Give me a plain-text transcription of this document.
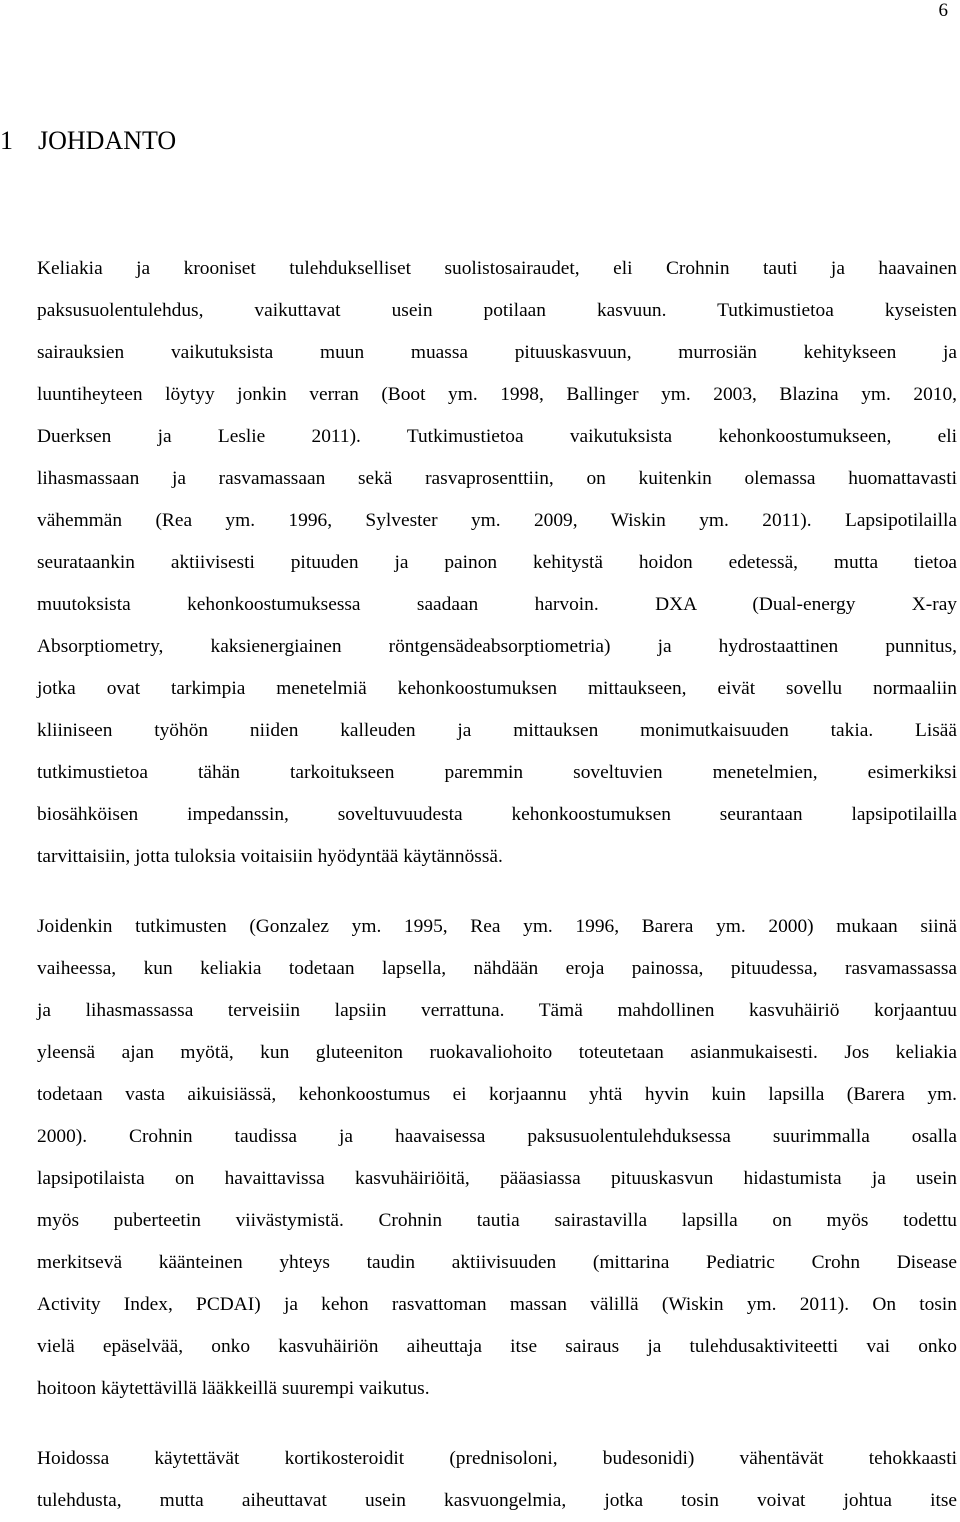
6
1 JOHDANTO
Keliakia ja krooniset tulehdukselliset suolistosairaudet, eli Crohnin tauti ja haavainen
paksusuolentulehdus, vaikuttavat usein potilaan kasvuun. Tutkimustietoa kyseisten
sairauksien vaikutuksista muun muassa pituuskasvuun, murrosiän kehitykseen ja
luuntiheyteen löytyy jonkin verran (Boot ym. 1998, Ballinger ym. 2003, Blazina ym. 2010,
Duerksen ja Leslie 2011). Tutkimustietoa vaikutuksista kehonkoostumukseen, eli
lihasmassaan ja rasvamassaan sekä rasvaprosenttiin, on kuitenkin olemassa huomattavasti
vähemmän (Rea ym. 1996, Sylvester ym. 2009, Wiskin ym. 2011). Lapsipotilailla
seurataankin aktiivisesti pituuden ja painon kehitystä hoidon edetessä, mutta tietoa
muutoksista kehonkoostumuksessa saadaan harvoin. DXA (Dual-energy X-ray
Absorptiometry, kaksienergiainen röntgensädeabsorptiometria) ja hydrostaattinen punnitus,
jotka ovat tarkimpia menetelmiä kehonkoostumuksen mittaukseen, eivät sovellu normaaliin
kliiniseen työhön niiden kalleuden ja mittauksen monimutkaisuuden takia. Lisää
tutkimustietoa tähän tarkoitukseen paremmin soveltuvien menetelmien, esimerkiksi
biosähköisen impedanssin, soveltuvuudesta kehonkoostumuksen seurantaan lapsipotilailla
tarvittaisiin, jotta tuloksia voitaisiin hyödyntää käytännössä.
Joidenkin tutkimusten (Gonzalez ym. 1995, Rea ym. 1996, Barera ym. 2000) mukaan siinä
vaiheessa, kun keliakia todetaan lapsella, nähdään eroja painossa, pituudessa, rasvamassassa
ja lihasmassassa terveisiin lapsiin verrattuna. Tämä mahdollinen kasvuhäiriö korjaantuu
yleensä ajan myötä, kun gluteeniton ruokavaliohoito toteutetaan asianmukaisesti. Jos keliakia
todetaan vasta aikuisiässä, kehonkoostumus ei korjaannu yhtä hyvin kuin lapsilla (Barera ym.
2000). Crohnin taudissa ja haavaisessa paksusuolentulehduksessa suurimmalla osalla
lapsipotilaista on havaittavissa kasvuhäiriöitä, pääasiassa pituuskasvun hidastumista ja usein
myös puberteetin viivästymistä. Crohnin tautia sairastavilla lapsilla on myös todettu
merkitsevä käänteinen yhteys taudin aktiivisuuden (mittarina Pediatric Crohn Disease
Activity Index, PCDAI) ja kehon rasvattoman massan välillä (Wiskin ym. 2011). On tosin
vielä epäselvää, onko kasvuhäiriön aiheuttaja itse sairaus ja tulehdusaktiviteetti vai onko
hoitoon käytettävillä lääkkeillä suurempi vaikutus.
Hoidossa käytettävät kortikosteroidit (prednisoloni, budesonidi) vähentävät tehokkaasti
tulehdusta, mutta aiheuttavat usein kasvuongelmia, jotka tosin voivat johtua itse
